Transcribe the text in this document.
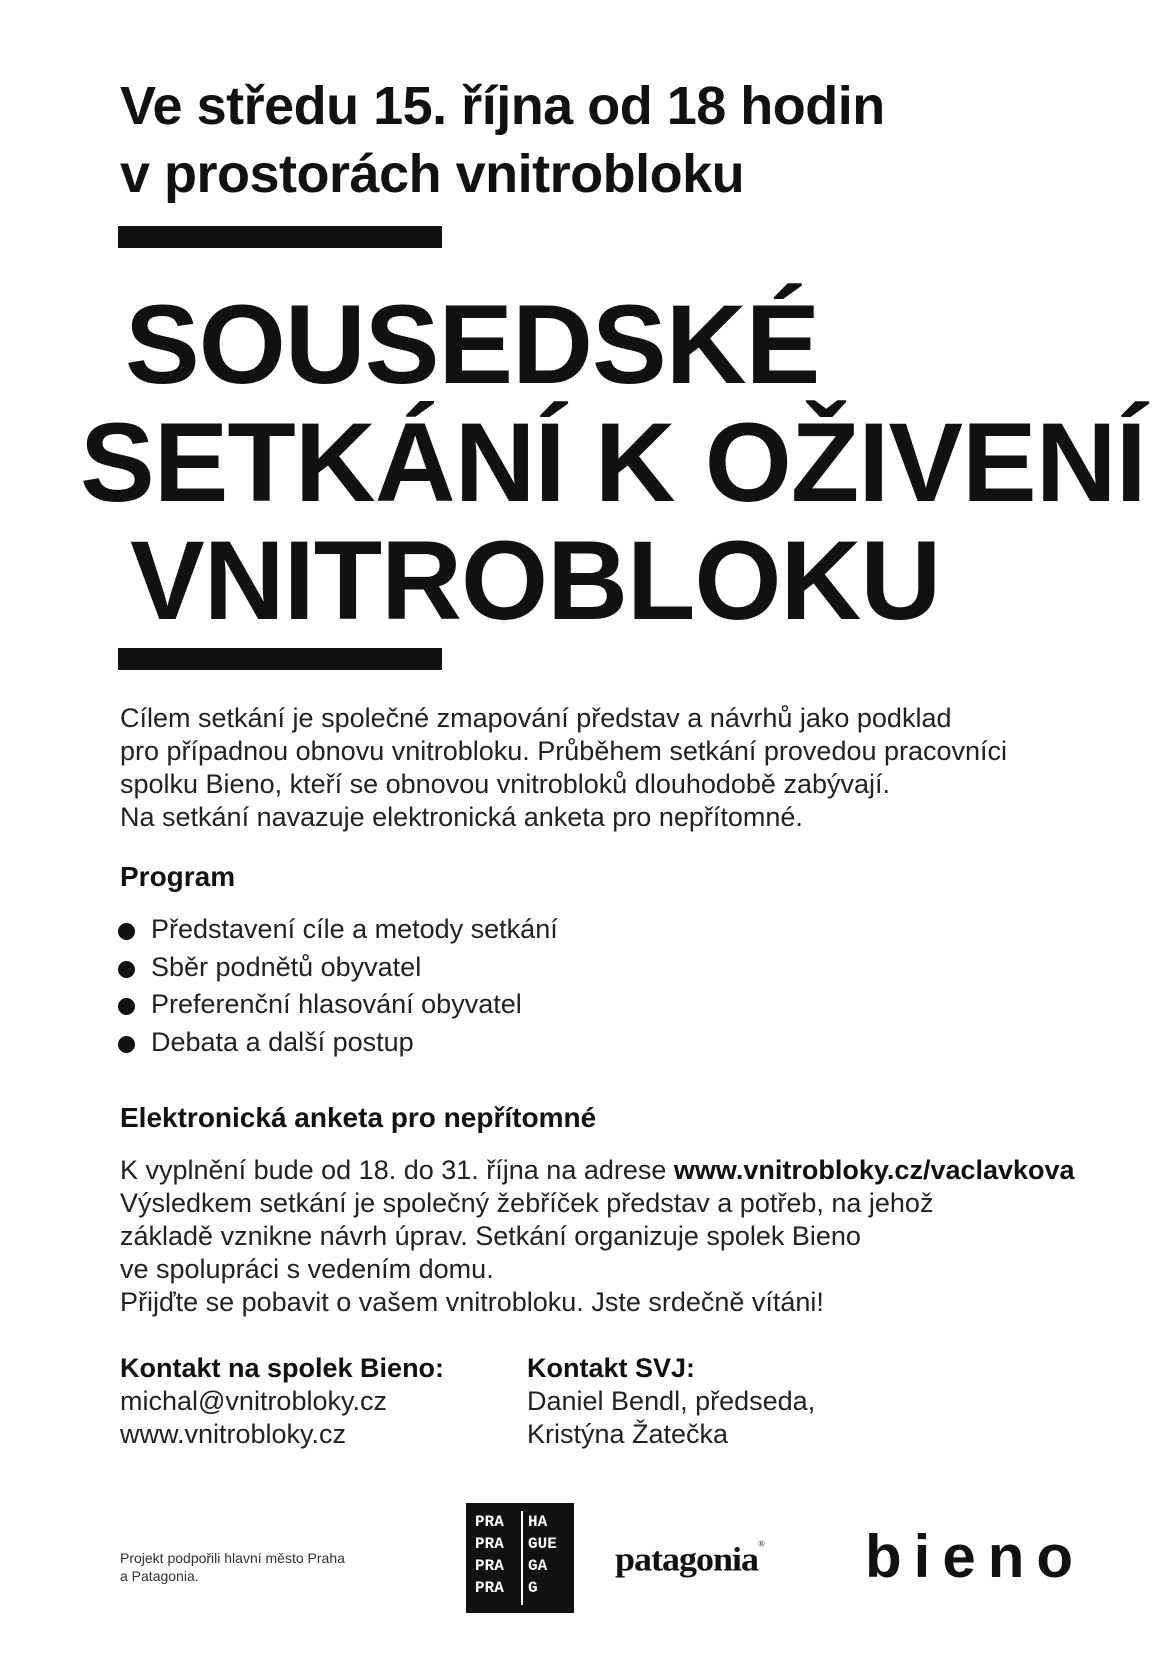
Ve středu 15. října od 18 hodin
v prostorách vnitrobloku
SOUSEDSKÉ
SETKÁNÍ K OŽIVENÍ
VNITROBLOKU
Cílem setkání je společné zmapování představ a návrhů jako podklad
pro případnou obnovu vnitrobloku. Průběhem setkání provedou pracovníci
spolku Bieno, kteří se obnovou vnitrobloků dlouhodobě zabývají.
Na setkání navazuje elektronická anketa pro nepřítomné.
Program
Představení cíle a metody setkání
Sběr podnětů obyvatel
Preferenční hlasování obyvatel
Debata a další postup
Elektronická anketa pro nepřítomné
K vyplnění bude od 18. do 31. října na adrese www.vnitrobloky.cz/vaclavkova
Výsledkem setkání je společný žebříček představ a potřeb, na jehož
základě vznikne návrh úprav. Setkání organizuje spolek Bieno
ve spolupráci s vedením domu.
Přijďte se pobavit o vašem vnitrobloku. Jste srdečně vítáni!
Kontakt na spolek Bieno:
michal@vnitrobloky.cz
www.vnitrobloky.cz
Kontakt SVJ:
Daniel Bendl, předseda,
Kristýna Žatečka
Projekt podpořili hlavní město Praha
a Patagonia.
PRA
PRA
PRA
PRA
HA
GUE
GA
G
patagonia® bieno
